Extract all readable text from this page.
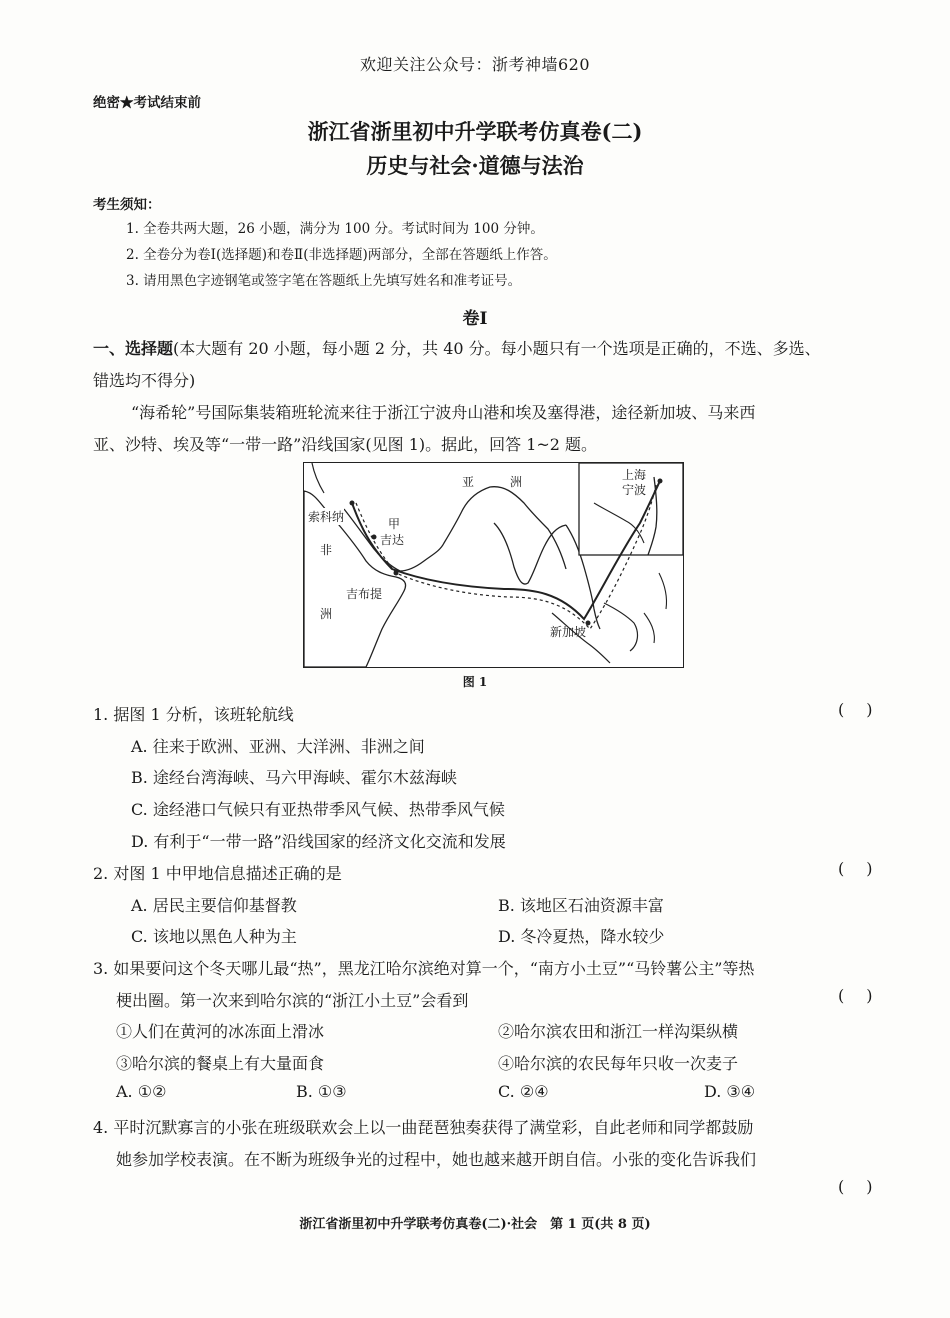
欢迎关注公众号：浙考神墙620
绝密★考试结束前
浙江省浙里初中升学联考仿真卷(二)
历史与社会·道德与法治
考生须知：
1. 全卷共两大题，26 小题，满分为 100 分。考试时间为 100 分钟。
2. 全卷分为卷Ⅰ(选择题)和卷Ⅱ(非选择题)两部分，全部在答题纸上作答。
3. 请用黑色字迹钢笔或签字笔在答题纸上先填写姓名和准考证号。
卷Ⅰ
一、选择题(本大题有 20 小题，每小题 2 分，共 40 分。每小题只有一个选项是正确的，不选、多选、
错选均不得分)
“海希轮”号国际集装箱班轮流来往于浙江宁波舟山港和埃及塞得港，途径新加坡、马来西
亚、沙特、埃及等“一带一路”沿线国家(见图 1)。据此，回答 1~2 题。
亚	洲	上海
宁波
索科纳	甲
吉达
非
洲
吉布提
新加坡
图 1
1. 据图 1 分析，该班轮航线	()
A. 往来于欧洲、亚洲、大洋洲、非洲之间
B. 途经台湾海峡、马六甲海峡、霍尔木兹海峡
C. 途经港口气候只有亚热带季风气候、热带季风气候
D. 有利于“一带一路”沿线国家的经济文化交流和发展
2. 对图 1 中甲地信息描述正确的是	()
A. 居民主要信仰基督教	B. 该地区石油资源丰富
C. 该地以黑色人种为主	D. 冬冷夏热，降水较少
3. 如果要问这个冬天哪儿最“热”，黑龙江哈尔滨绝对算一个，“南方小土豆”“马铃薯公主”等热
梗出圈。第一次来到哈尔滨的“浙江小土豆”会看到	()
①人们在黄河的冰冻面上滑冰	②哈尔滨农田和浙江一样沟渠纵横
③哈尔滨的餐桌上有大量面食	④哈尔滨的农民每年只收一次麦子
A. ①②	B. ①③	C. ②④	D. ③④
4. 平时沉默寡言的小张在班级联欢会上以一曲琵琶独奏获得了满堂彩，自此老师和同学都鼓励
她参加学校表演。在不断为班级争光的过程中，她也越来越开朗自信。小张的变化告诉我们
()
浙江省浙里初中升学联考仿真卷(二)·社会　第 1 页(共 8 页)
